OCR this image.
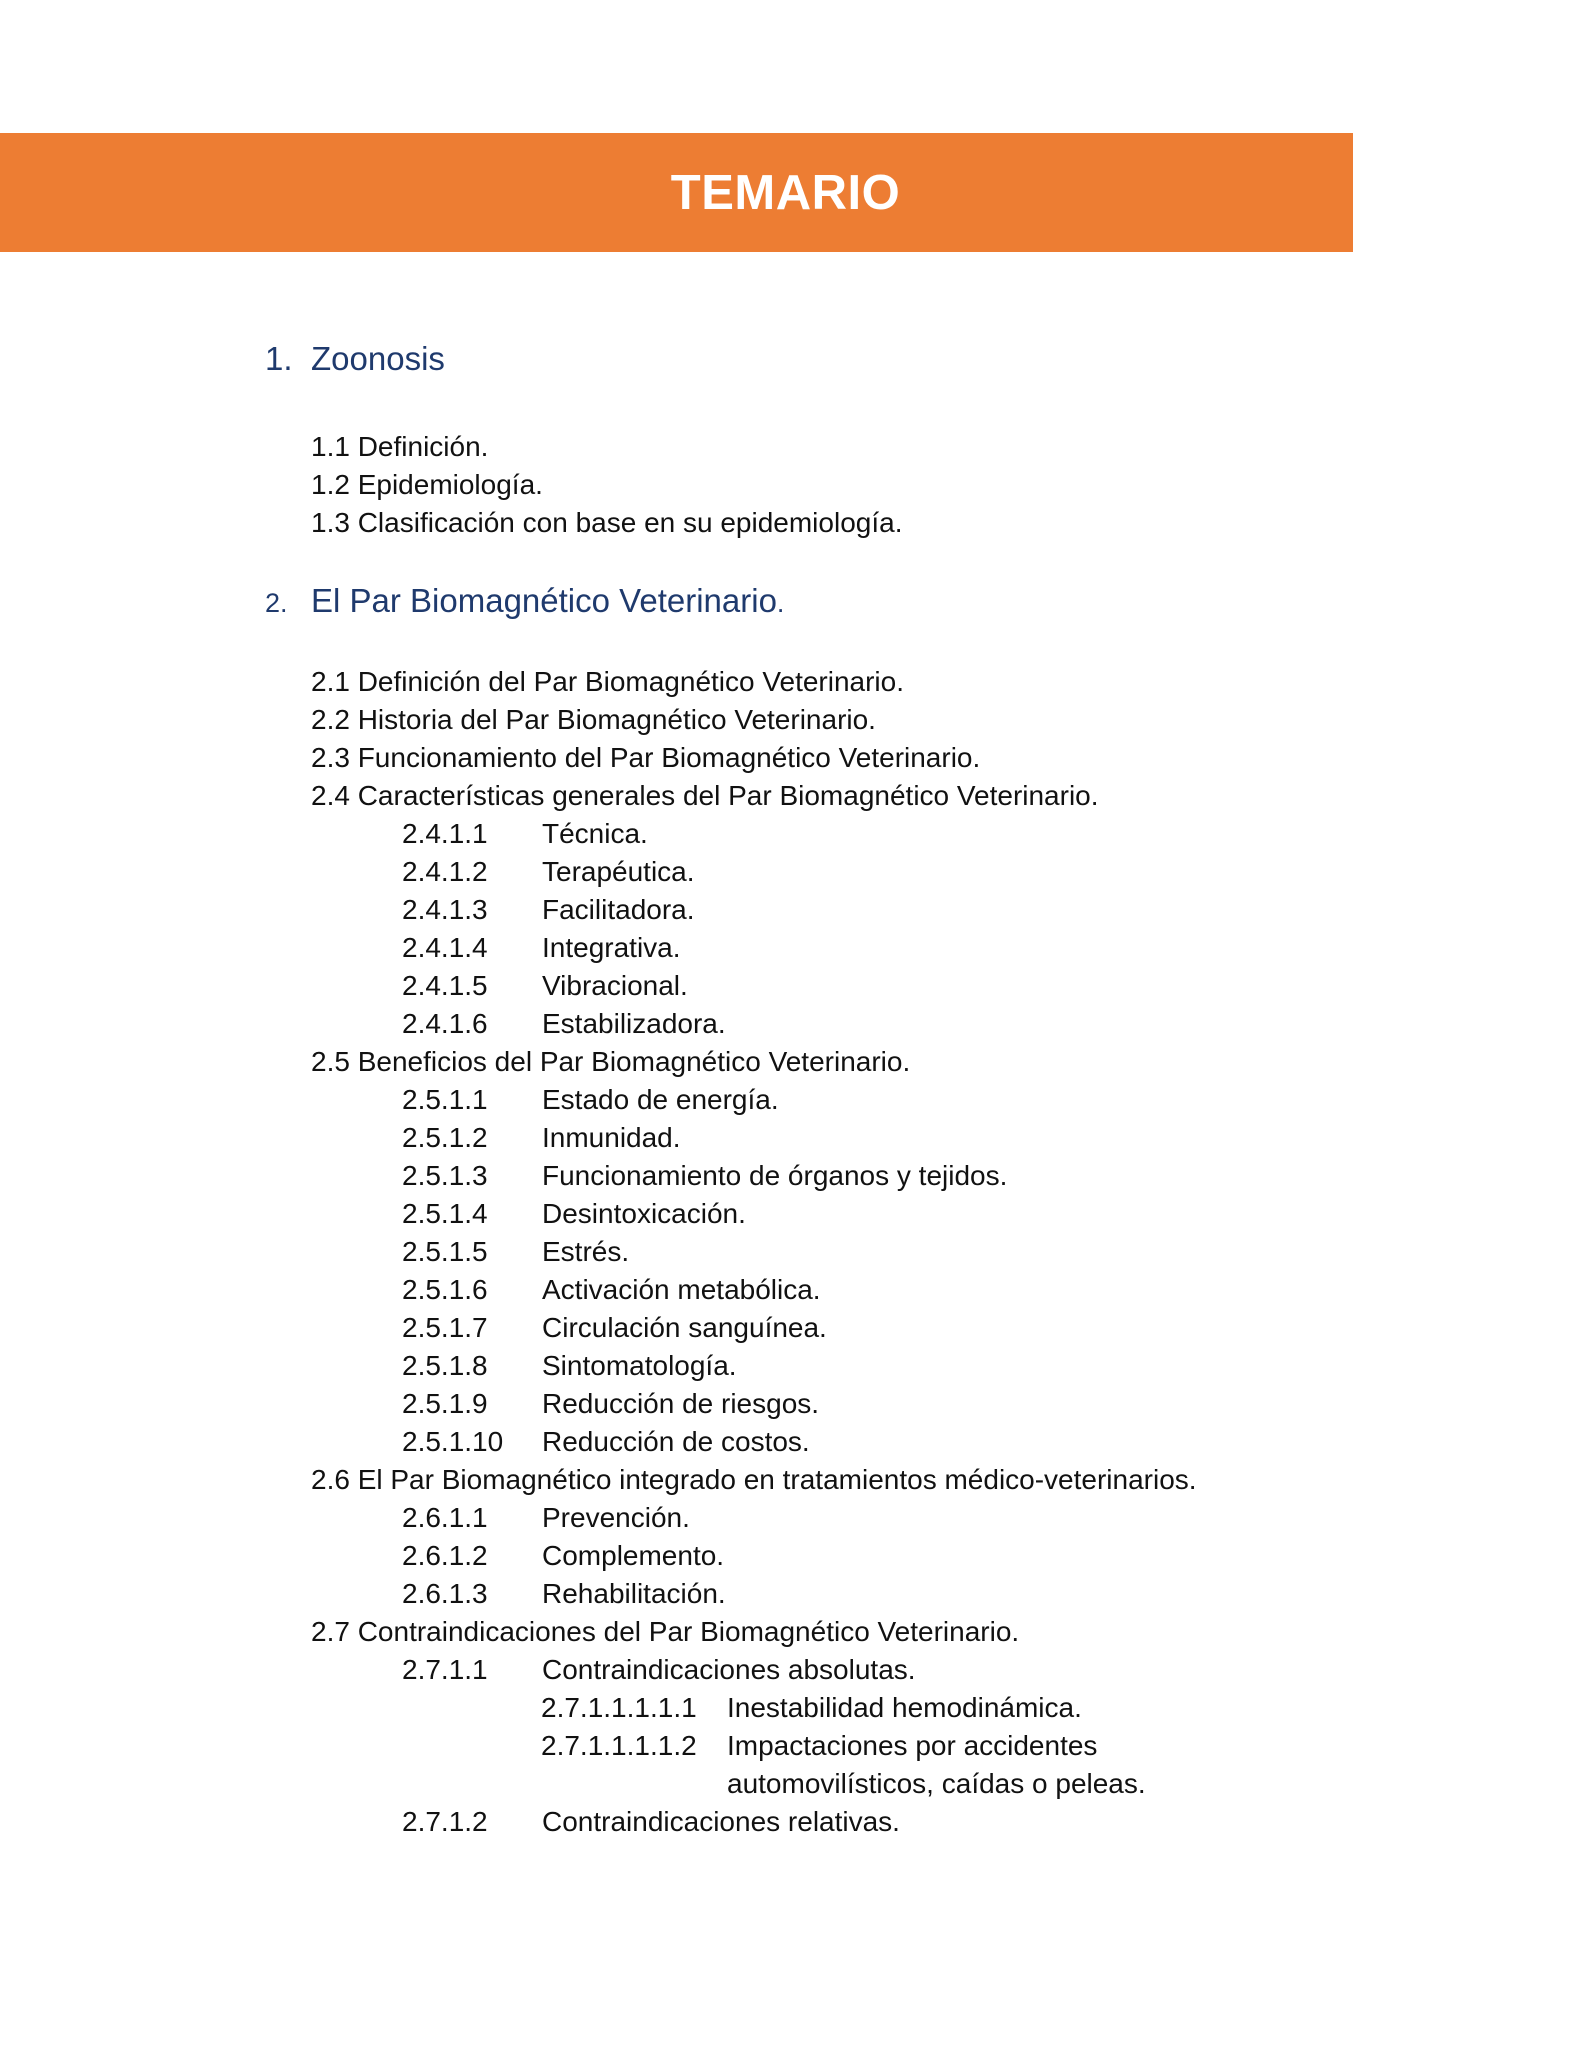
TEMARIO
1. Zoonosis
1.1 Definición.
1.2 Epidemiología.
1.3 Clasificación con base en su epidemiología.
2. El Par Biomagnético Veterinario.
2.1 Definición del Par Biomagnético Veterinario.
2.2 Historia del Par Biomagnético Veterinario.
2.3 Funcionamiento del Par Biomagnético Veterinario.
2.4 Características generales del Par Biomagnético Veterinario.
2.4.1.1 Técnica.
2.4.1.2 Terapéutica.
2.4.1.3 Facilitadora.
2.4.1.4 Integrativa.
2.4.1.5 Vibracional.
2.4.1.6 Estabilizadora.
2.5 Beneficios del Par Biomagnético Veterinario.
2.5.1.1 Estado de energía.
2.5.1.2 Inmunidad.
2.5.1.3 Funcionamiento de órganos y tejidos.
2.5.1.4 Desintoxicación.
2.5.1.5 Estrés.
2.5.1.6 Activación metabólica.
2.5.1.7 Circulación sanguínea.
2.5.1.8 Sintomatología.
2.5.1.9 Reducción de riesgos.
2.5.1.10 Reducción de costos.
2.6 El Par Biomagnético integrado en tratamientos médico-veterinarios.
2.6.1.1 Prevención.
2.6.1.2 Complemento.
2.6.1.3 Rehabilitación.
2.7 Contraindicaciones del Par Biomagnético Veterinario.
2.7.1.1 Contraindicaciones absolutas.
2.7.1.1.1.1.1 Inestabilidad hemodinámica.
2.7.1.1.1.1.2 Impactaciones por accidentes
automovilísticos, caídas o peleas.
2.7.1.2 Contraindicaciones relativas.
